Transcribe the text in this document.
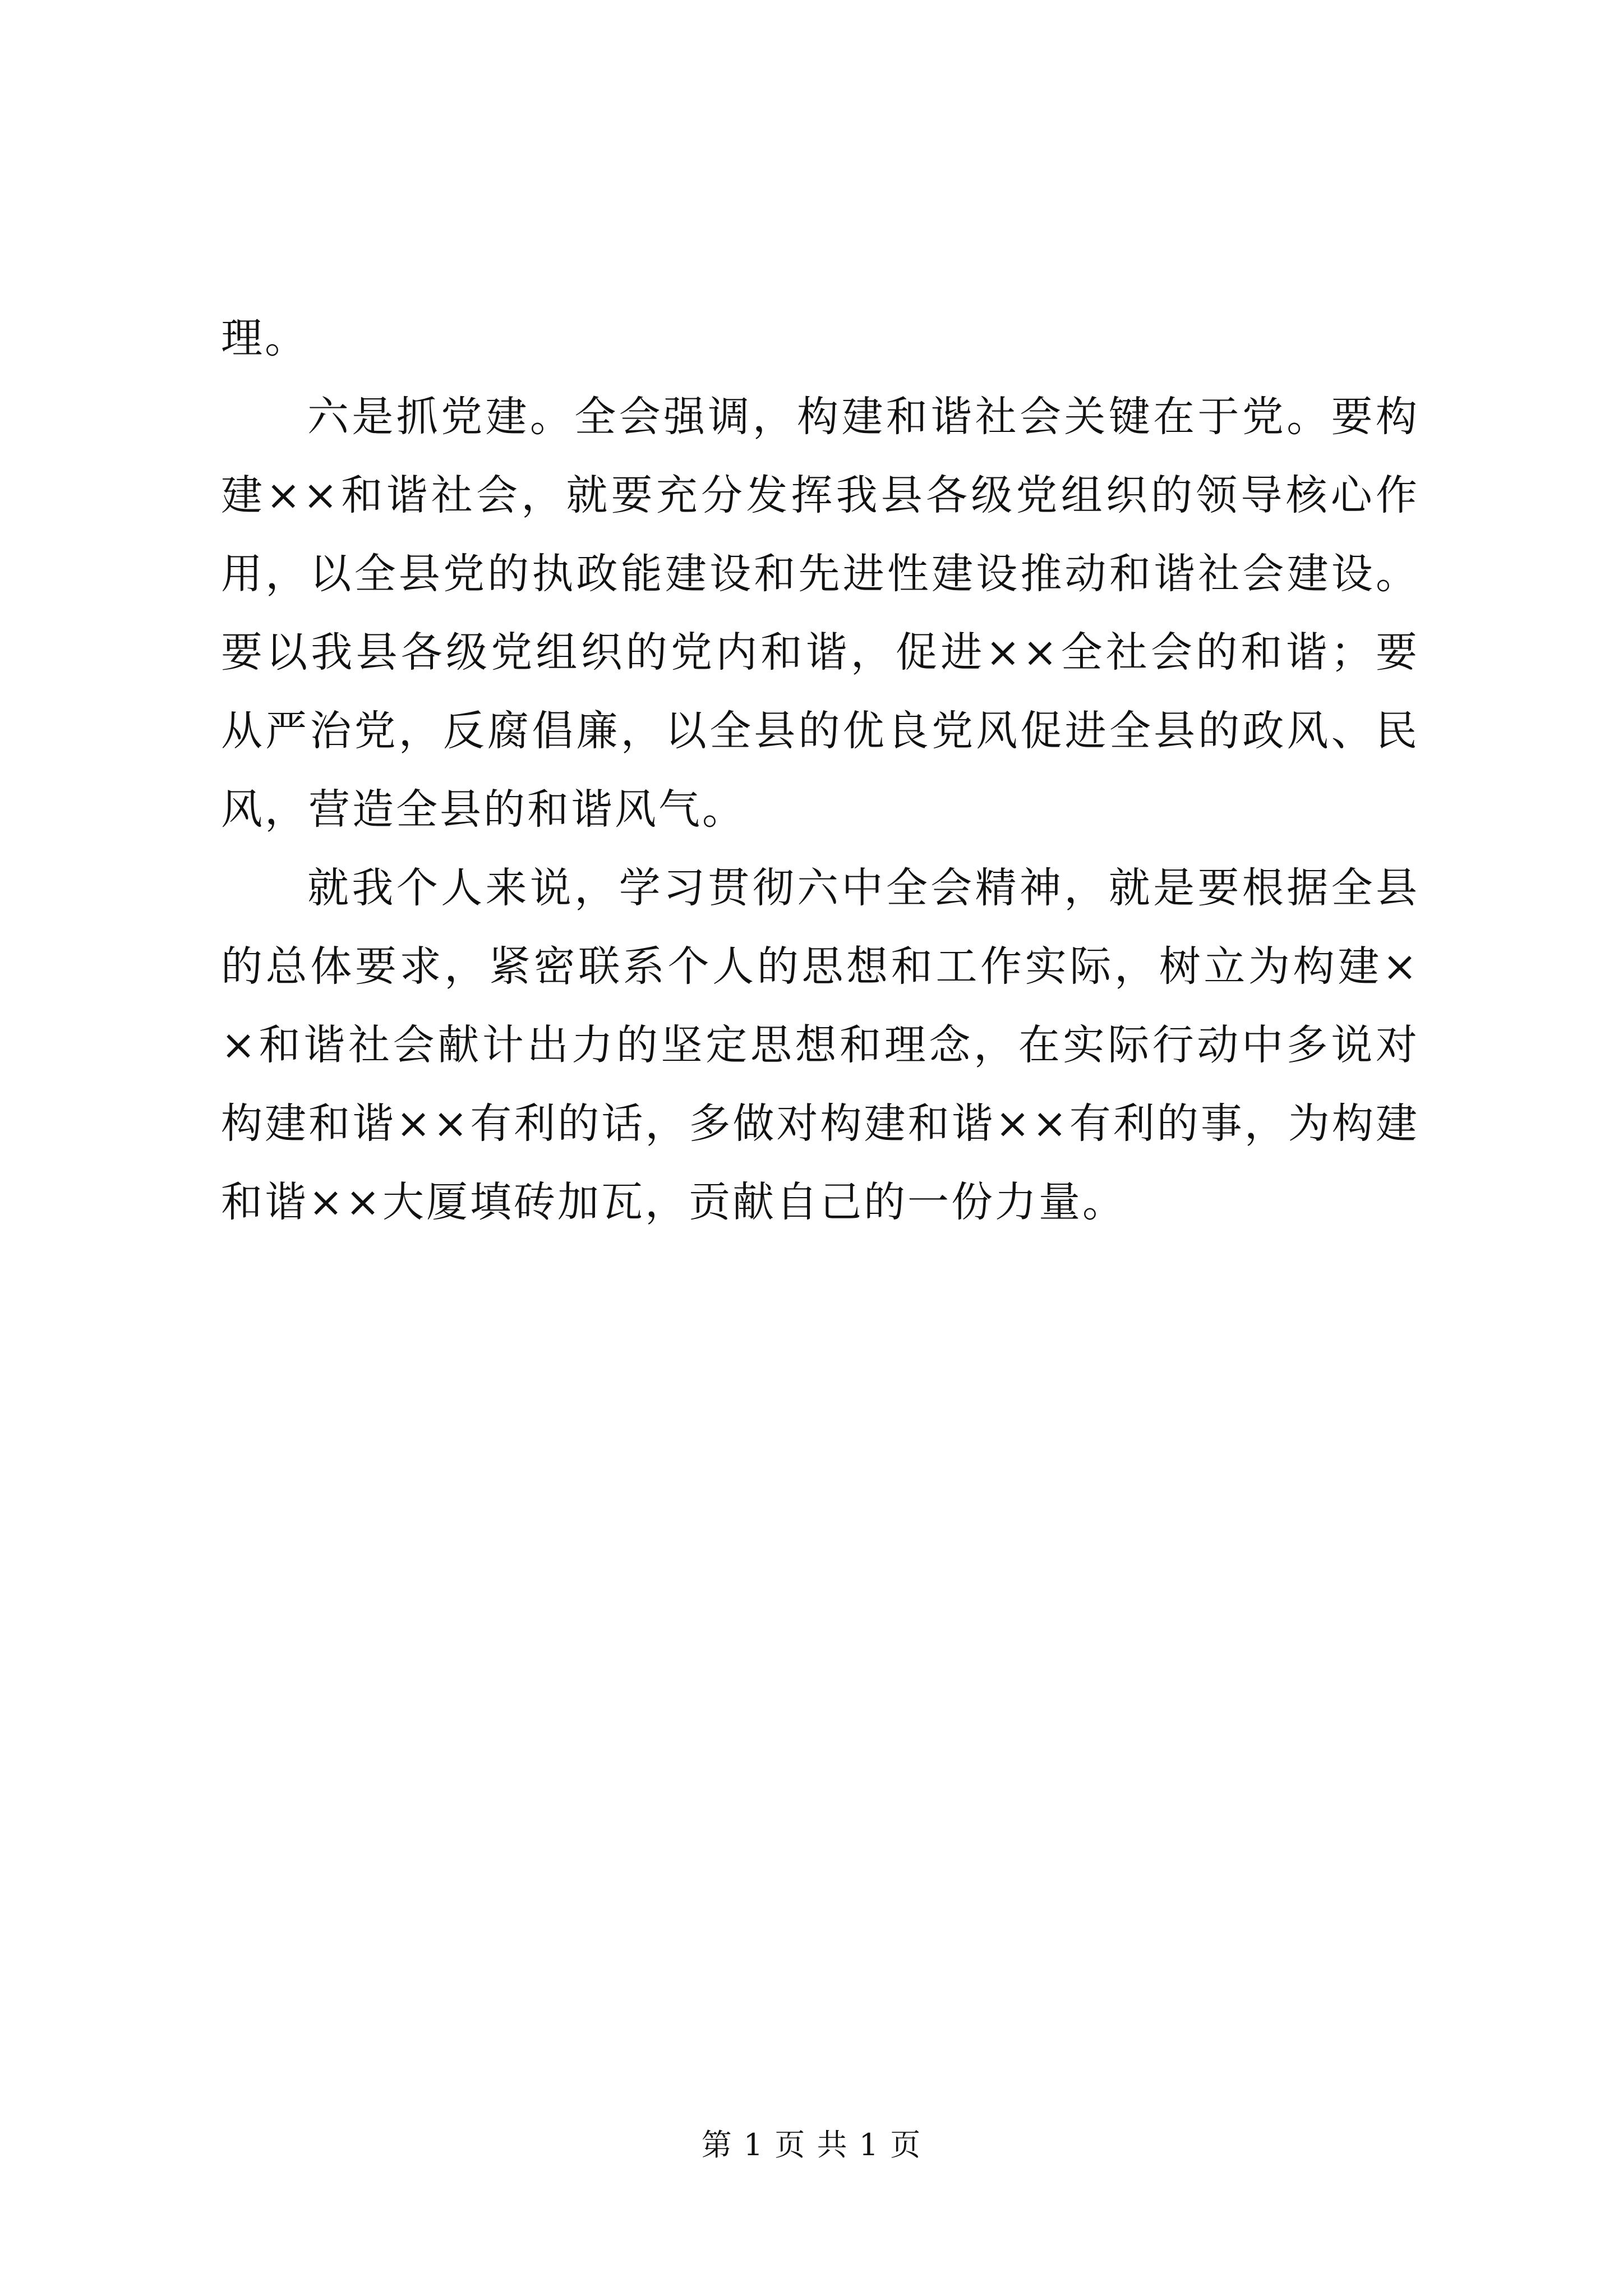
理。

六是抓党建。全会强调，构建和谐社会关键在于党。要构建××和谐社会，就要充分发挥我县各级党组织的领导核心作用，以全县党的执政能建设和先进性建设推动和谐社会建设。要以我县各级党组织的党内和谐，促进××全社会的和谐；要从严治党，反腐倡廉，以全县的优良党风促进全县的政风、民风，营造全县的和谐风气。

就我个人来说，学习贯彻六中全会精神，就是要根据全县的总体要求，紧密联系个人的思想和工作实际，树立为构建××和谐社会献计出力的坚定思想和理念，在实际行动中多说对构建和谐××有利的话，多做对构建和谐××有利的事，为构建和谐××大厦填砖加瓦，贡献自己的一份力量。

第 1 页 共 1 页
